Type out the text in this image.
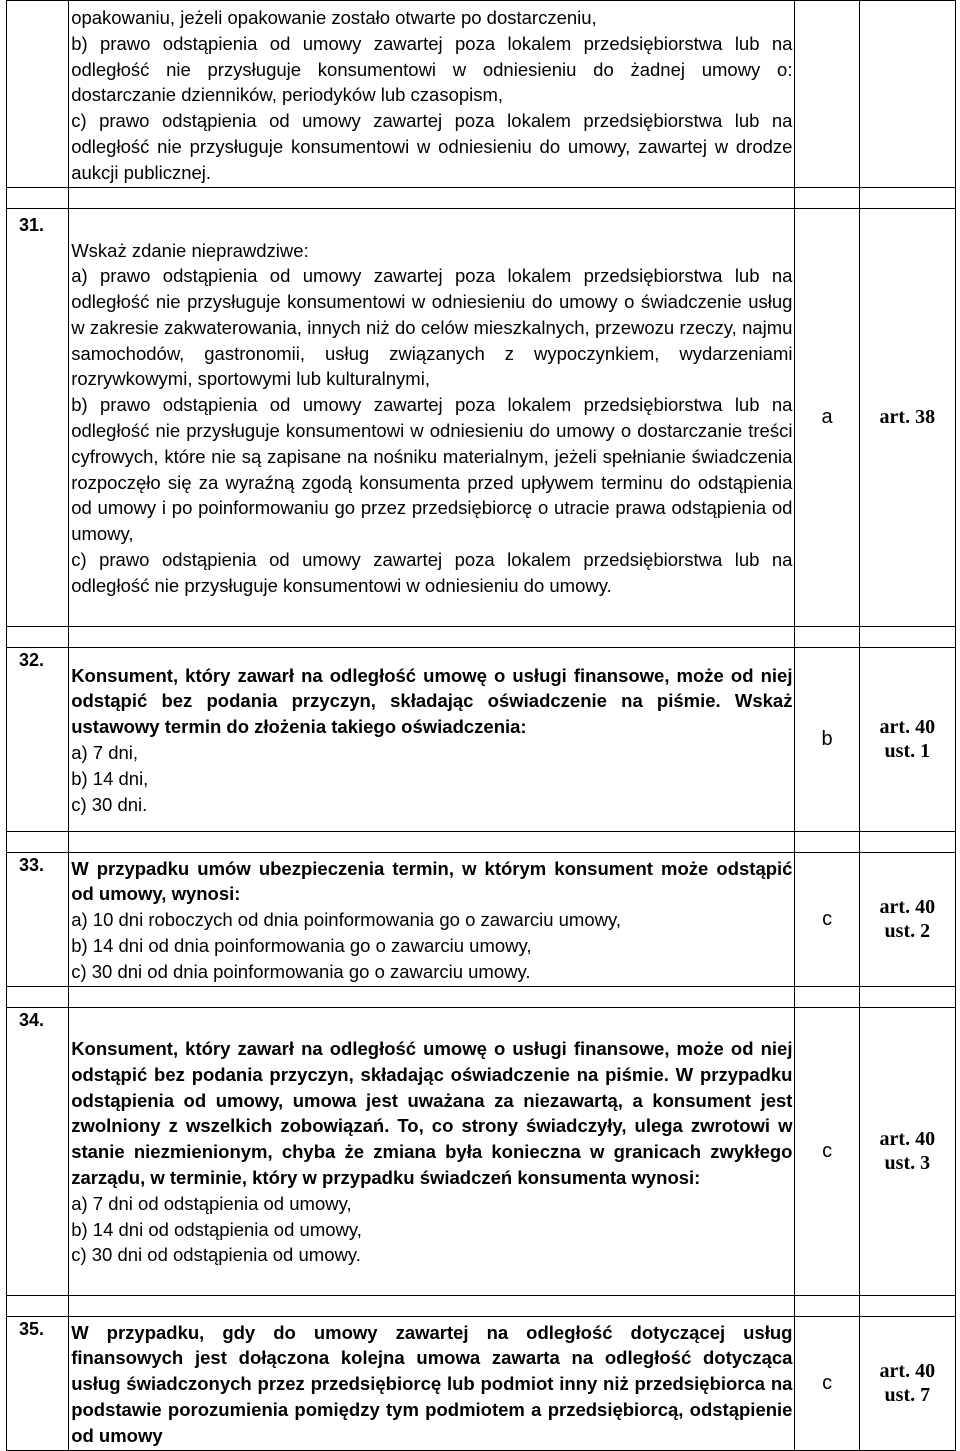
	opakowaniu, jeżeli opakowanie zostało otwarte po dostarczeniu,
b) prawo odstąpienia od umowy zawartej poza lokalem przedsiębiorstwa lub na odległość nie przysługuje konsumentowi w odniesieniu do żadnej umowy o: dostarczanie dzienników, periodyków lub czasopism,
c) prawo odstąpienia od umowy zawartej poza lokalem przedsiębiorstwa lub na odległość nie przysługuje konsumentowi w odniesieniu do umowy, zawartej w drodze aukcji publicznej.		

31.	Wskaż zdanie nieprawdziwe:
a) prawo odstąpienia od umowy zawartej poza lokalem przedsiębiorstwa lub na odległość nie przysługuje konsumentowi w odniesieniu do umowy o świadczenie usług w zakresie zakwaterowania, innych niż do celów mieszkalnych, przewozu rzeczy, najmu samochodów, gastronomii, usług związanych z wypoczynkiem, wydarzeniami rozrywkowymi, sportowymi lub kulturalnymi,
b) prawo odstąpienia od umowy zawartej poza lokalem przedsiębiorstwa lub na odległość nie przysługuje konsumentowi w odniesieniu do umowy o dostarczanie treści cyfrowych, które nie są zapisane na nośniku materialnym, jeżeli spełnianie świadczenia rozpoczęło się za wyraźną zgodą konsumenta przed upływem terminu do odstąpienia od umowy i po poinformowaniu go przez przedsiębiorcę o utracie prawa odstąpienia od umowy,
c) prawo odstąpienia od umowy zawartej poza lokalem przedsiębiorstwa lub na odległość nie przysługuje konsumentowi w odniesieniu do umowy.	a	art. 38

32.	Konsument, który zawarł na odległość umowę o usługi finansowe, może od niej odstąpić bez podania przyczyn, składając oświadczenie na piśmie. Wskaż ustawowy termin do złożenia takiego oświadczenia:
a) 7 dni,
b) 14 dni,
c) 30 dni.	b	art. 40
ust. 1

33.	W przypadku umów ubezpieczenia termin, w którym konsument może odstąpić od umowy, wynosi:
a) 10 dni roboczych od dnia poinformowania go o zawarciu umowy,
b) 14 dni od dnia poinformowania go o zawarciu umowy,
c) 30 dni od dnia poinformowania go o zawarciu umowy.	c	art. 40
ust. 2

34.	Konsument, który zawarł na odległość umowę o usługi finansowe, może od niej odstąpić bez podania przyczyn, składając oświadczenie na piśmie. W przypadku odstąpienia od umowy, umowa jest uważana za niezawartą, a konsument jest zwolniony z wszelkich zobowiązań. To, co strony świadczyły, ulega zwrotowi w stanie niezmienionym, chyba że zmiana była konieczna w granicach zwykłego zarządu, w terminie, który w przypadku świadczeń konsumenta wynosi:
a) 7 dni od odstąpienia od umowy,
b) 14 dni od odstąpienia od umowy,
c) 30 dni od odstąpienia od umowy.	c	art. 40
ust. 3

35.	W przypadku, gdy do umowy zawartej na odległość dotyczącej usług finansowych jest dołączona kolejna umowa zawarta na odległość dotycząca usług świadczonych przez przedsiębiorcę lub podmiot inny niż przedsiębiorca na podstawie porozumienia pomiędzy tym podmiotem a przedsiębiorcą, odstąpienie od umowy	c	art. 40
ust. 7
